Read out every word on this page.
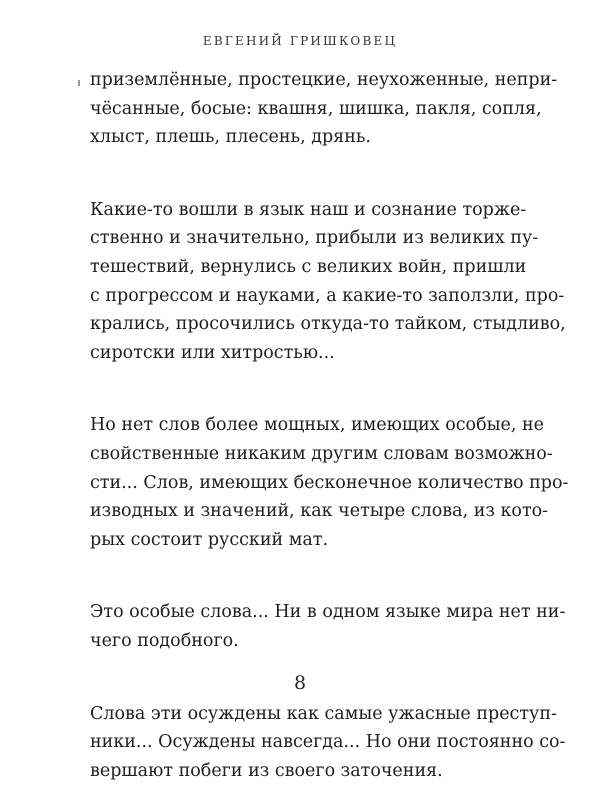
ЕВГЕНИЙ ГРИШКОВЕЦ
приземлённые, простецкие, неухоженные, непри-
чёсанные, босые: квашня, шишка, пакля, сопля,
хлыст, плешь, плесень, дрянь.
Какие-то вошли в язык наш и сознание торже-
ственно и значительно, прибыли из великих пу-
тешествий, вернулись с великих войн, пришли
с прогрессом и науками, а какие-то заползли, про-
крались, просочились откуда-то тайком, стыдливо,
сиротски или хитростью...
Но нет слов более мощных, имеющих особые, не
свойственные никаким другим словам возможно-
сти... Слов, имеющих бесконечное количество про-
изводных и значений, как четыре слова, из кото-
рых состоит русский мат.
Это особые слова... Ни в одном языке мира нет ни-
чего подобного.
Слова эти осуждены как самые ужасные преступ-
ники... Осуждены навсегда... Но они постоянно со-
вершают побеги из своего заточения.
8
